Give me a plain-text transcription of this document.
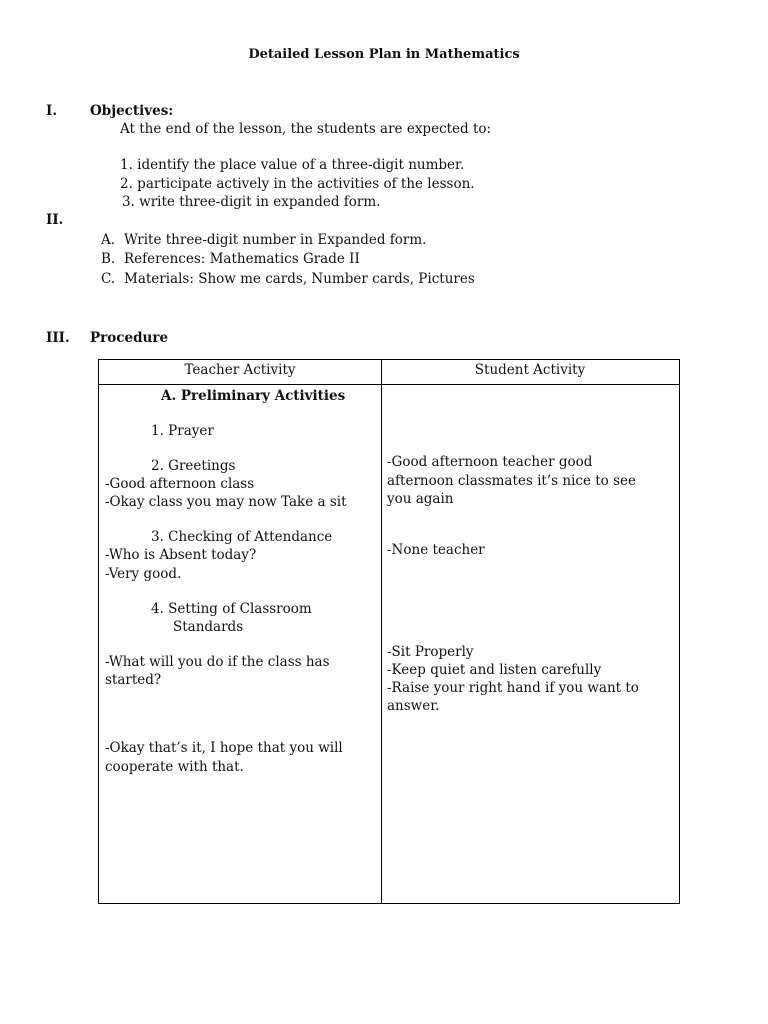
Detailed Lesson Plan in Mathematics
I. Objectives:
At the end of the lesson, the students are expected to:
1. identify the place value of a three-digit number.
2. participate actively in the activities of the lesson.
3. write three-digit in expanded form.
II.
A. Write three-digit number in Expanded form.
B. References: Mathematics Grade II
C. Materials: Show me cards, Number cards, Pictures
III. Procedure
Teacher Activity	Student Activity
A. Preliminary Activities
1. Prayer
2. Greetings
-Good afternoon class
-Okay class you may now Take a sit
3. Checking of Attendance
-Who is Absent today?
-Very good.
4. Setting of Classroom
Standards
-What will you do if the class has
started?
-Okay that’s it, I hope that you will
cooperate with that.
-Good afternoon teacher good
afternoon classmates it’s nice to see
you again
-None teacher
-Sit Properly
-Keep quiet and listen carefully
-Raise your right hand if you want to
answer.
